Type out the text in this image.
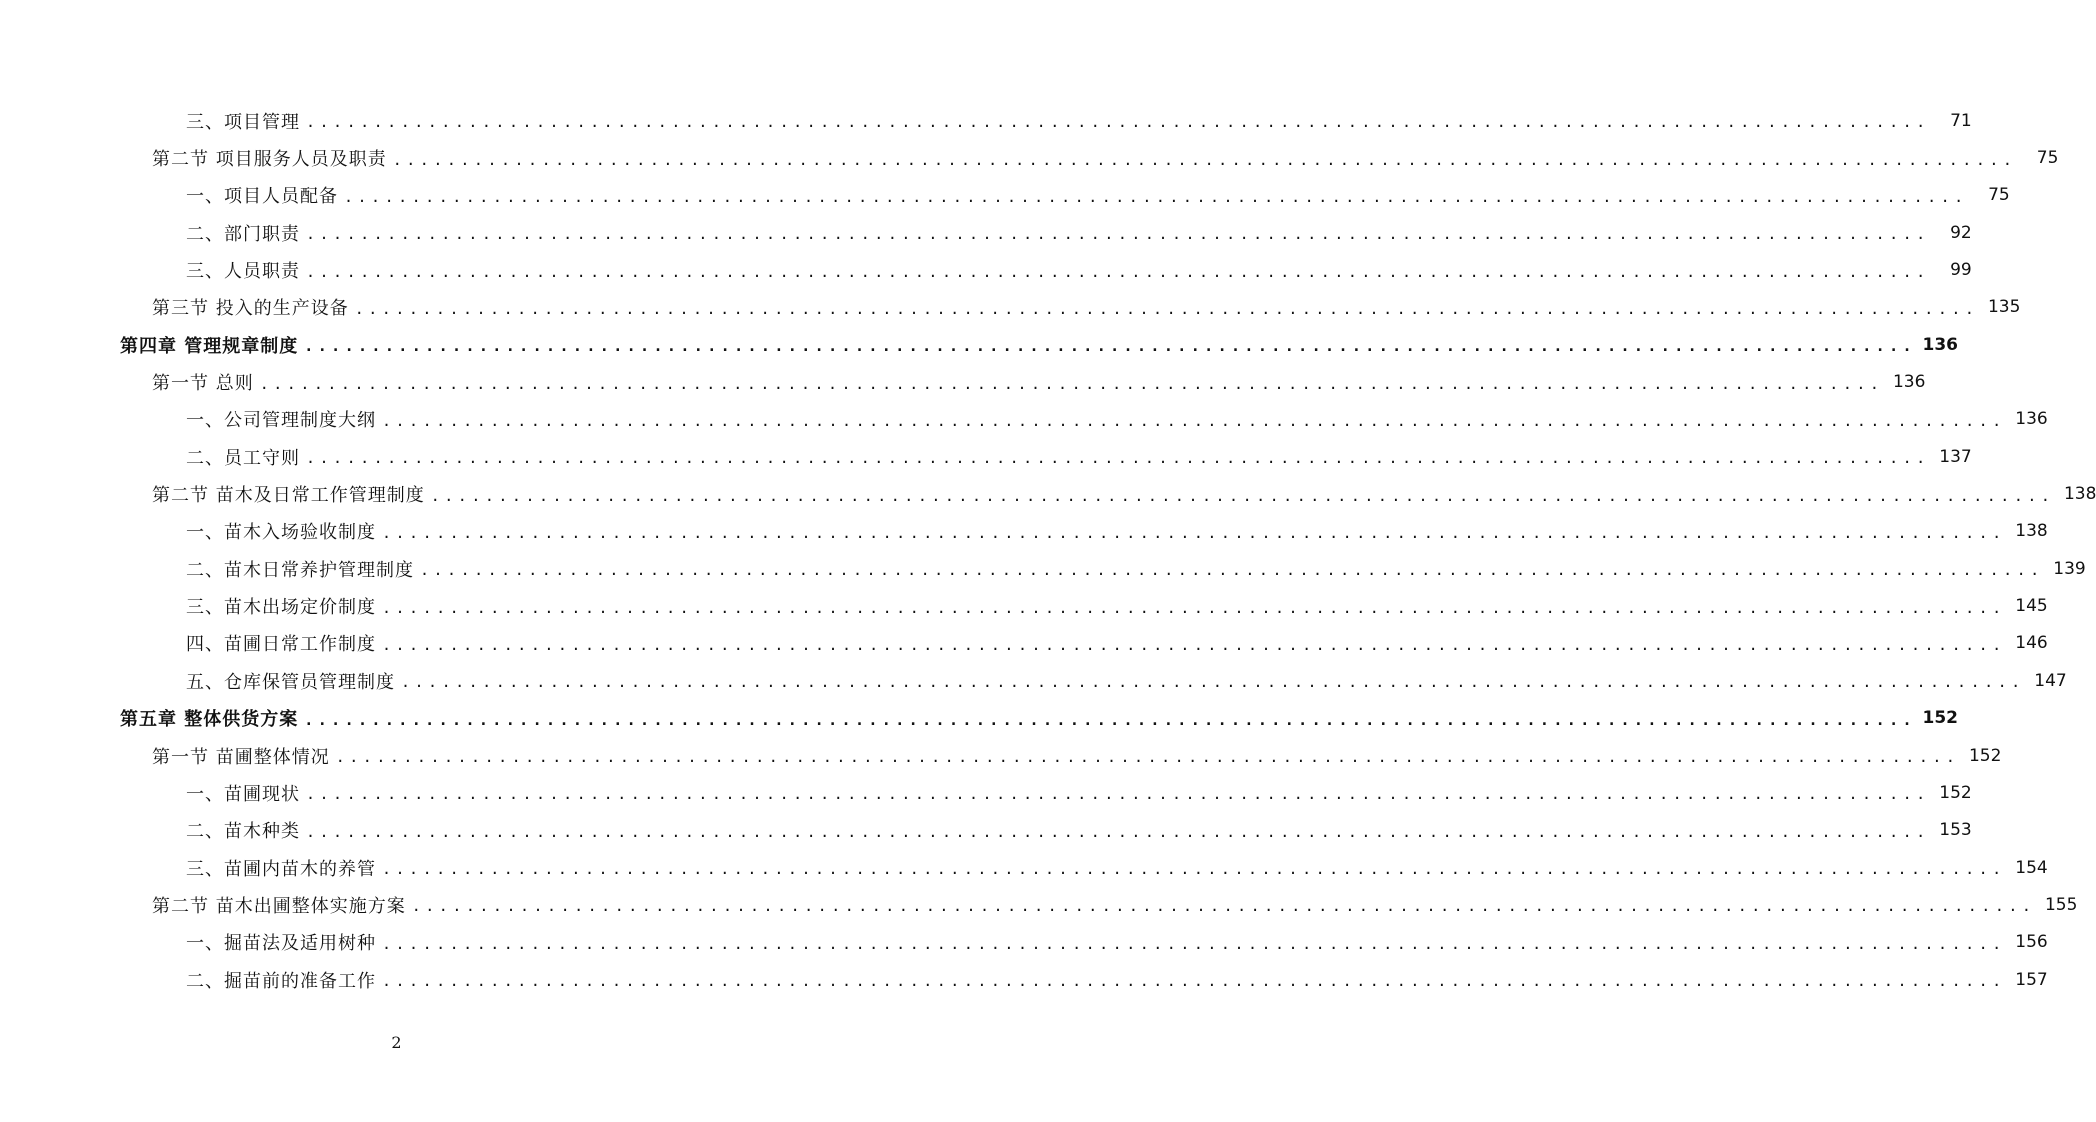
三、项目管理 ........................................................................................................................	71
第二节 项目服务人员及职责 ........................................................................................................................	75
一、项目人员配备 ........................................................................................................................	75
二、部门职责 ........................................................................................................................	92
三、人员职责 ........................................................................................................................	99
第三节 投入的生产设备 ........................................................................................................................ 135
第四章 管理规章制度 ........................................................................................................................ 136
第一节 总则 ........................................................................................................................ 136
一、公司管理制度大纲 ........................................................................................................................ 136
二、员工守则 ........................................................................................................................ 137
第二节 苗木及日常工作管理制度 ........................................................................................................................ 138
一、苗木入场验收制度 ........................................................................................................................ 138
二、苗木日常养护管理制度 ........................................................................................................................ 139
三、苗木出场定价制度 ........................................................................................................................ 145
四、苗圃日常工作制度 ........................................................................................................................ 146
五、仓库保管员管理制度 ........................................................................................................................ 147
第五章 整体供货方案 ........................................................................................................................ 152
第一节 苗圃整体情况 ........................................................................................................................ 152
一、苗圃现状 ........................................................................................................................ 152
二、苗木种类 ........................................................................................................................ 153
三、苗圃内苗木的养管 ........................................................................................................................ 154
第二节 苗木出圃整体实施方案 ........................................................................................................................ 155
一、掘苗法及适用树种 ........................................................................................................................ 156
二、掘苗前的准备工作 ........................................................................................................................ 157
2
